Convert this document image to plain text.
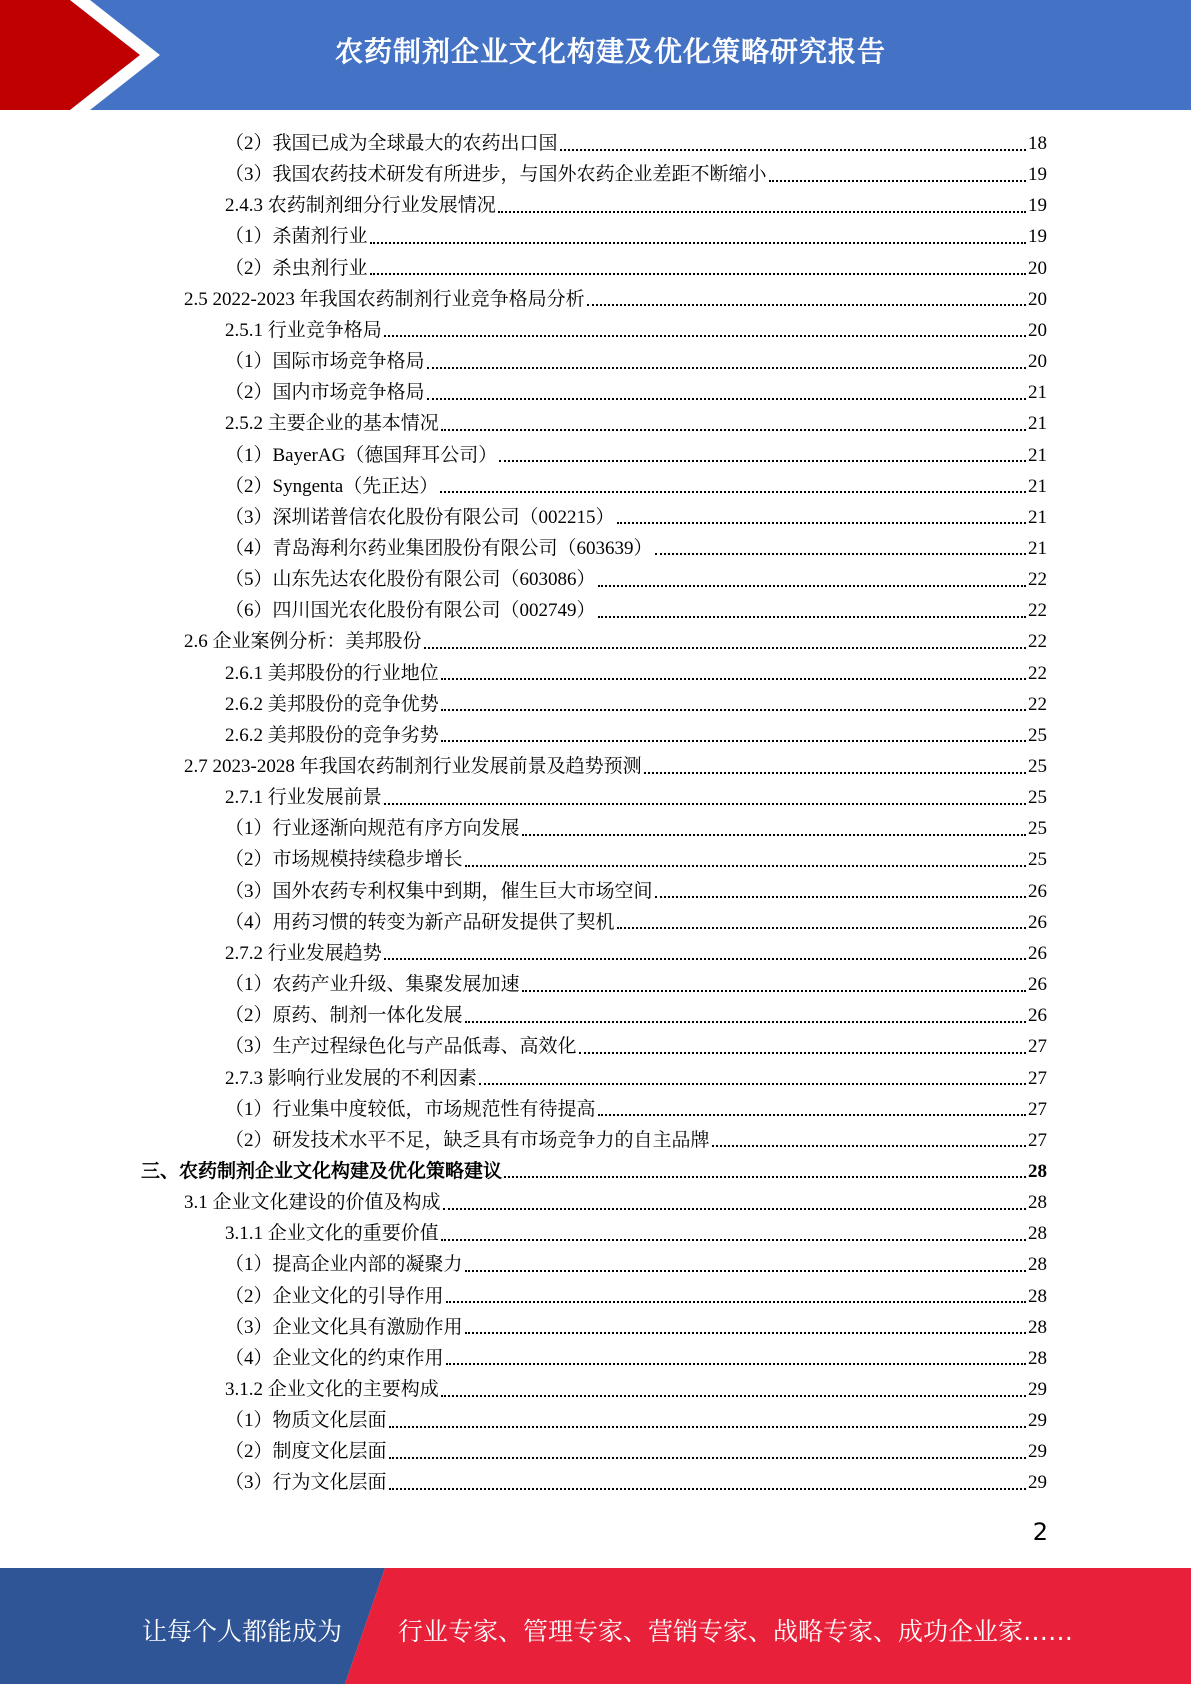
农药制剂企业文化构建及优化策略研究报告
（2）我国已成为全球最大的农药出口国	18
（3）我国农药技术研发有所进步，与国外农药企业差距不断缩小	19
2.4.3 农药制剂细分行业发展情况	19
（1）杀菌剂行业	19
（2）杀虫剂行业	20
2.5 2022-2023 年我国农药制剂行业竞争格局分析	20
2.5.1 行业竞争格局	20
（1）国际市场竞争格局	20
（2）国内市场竞争格局	21
2.5.2 主要企业的基本情况	21
（1）BayerAG（德国拜耳公司）	21
（2）Syngenta（先正达）	21
（3）深圳诺普信农化股份有限公司（002215）	21
（4）青岛海利尔药业集团股份有限公司（603639）	21
（5）山东先达农化股份有限公司（603086）	22
（6）四川国光农化股份有限公司（002749）	22
2.6 企业案例分析：美邦股份	22
2.6.1 美邦股份的行业地位	22
2.6.2 美邦股份的竞争优势	22
2.6.2 美邦股份的竞争劣势	25
2.7 2023-2028 年我国农药制剂行业发展前景及趋势预测	25
2.7.1 行业发展前景	25
（1）行业逐渐向规范有序方向发展	25
（2）市场规模持续稳步增长	25
（3）国外农药专利权集中到期，催生巨大市场空间	26
（4）用药习惯的转变为新产品研发提供了契机	26
2.7.2 行业发展趋势	26
（1）农药产业升级、集聚发展加速	26
（2）原药、制剂一体化发展	26
（3）生产过程绿色化与产品低毒、高效化	27
2.7.3 影响行业发展的不利因素	27
（1）行业集中度较低，市场规范性有待提高	27
（2）研发技术水平不足，缺乏具有市场竞争力的自主品牌	27
三、农药制剂企业文化构建及优化策略建议	28
3.1 企业文化建设的价值及构成	28
3.1.1 企业文化的重要价值	28
（1）提高企业内部的凝聚力	28
（2）企业文化的引导作用	28
（3）企业文化具有激励作用	28
（4）企业文化的约束作用	28
3.1.2 企业文化的主要构成	29
（1）物质文化层面	29
（2）制度文化层面	29
（3）行为文化层面	29
2
让每个人都能成为 行业专家、管理专家、营销专家、战略专家、成功企业家……
